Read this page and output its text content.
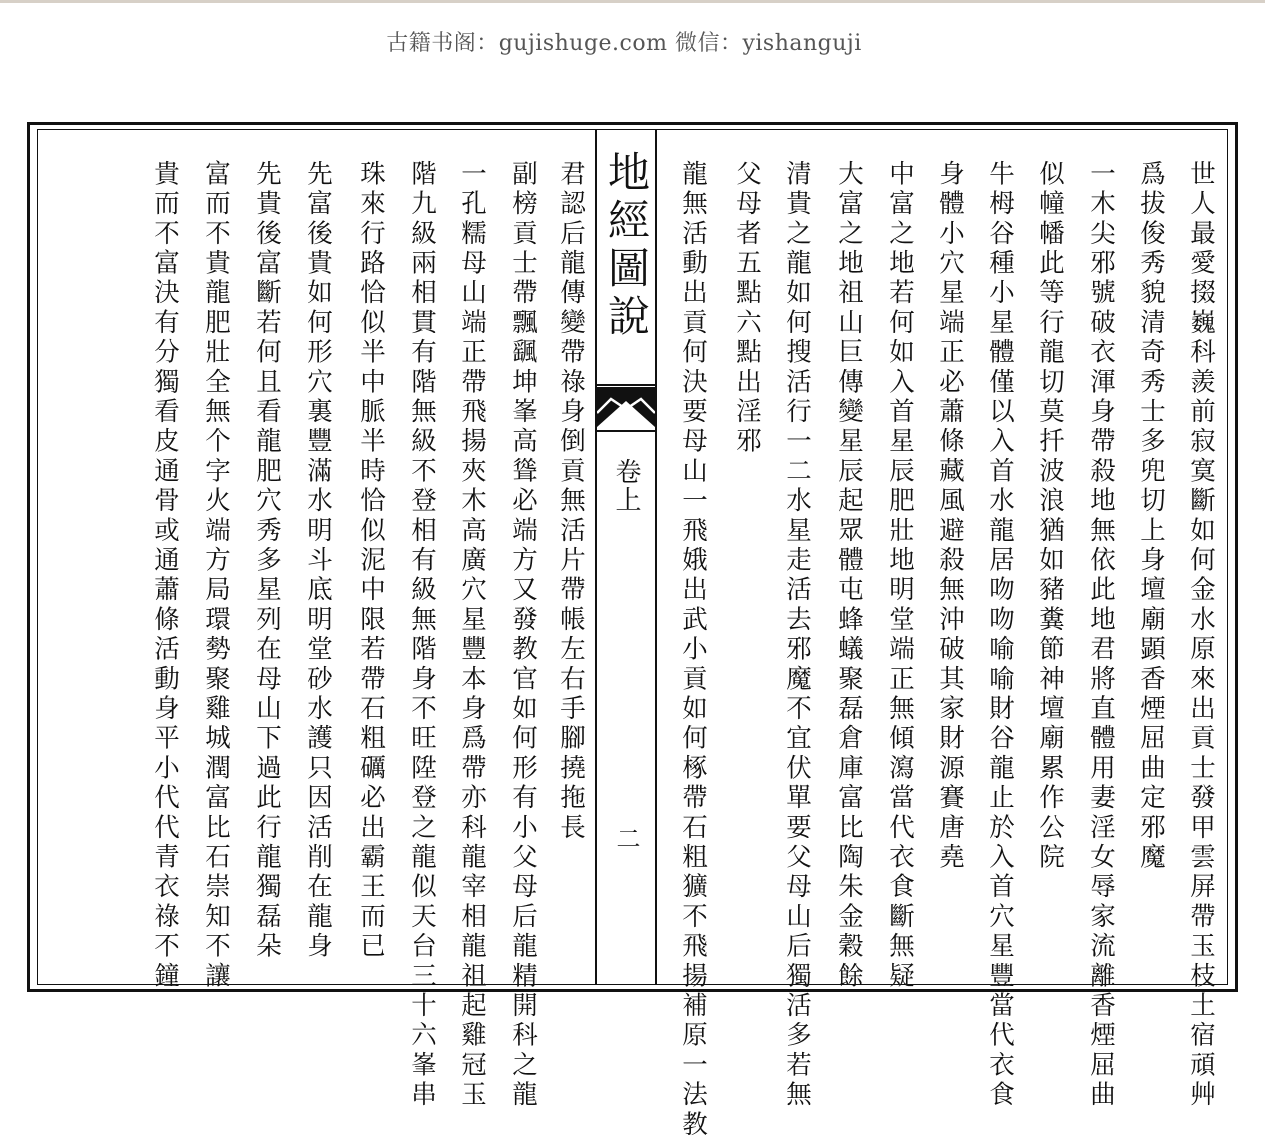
古籍书阁：gujishuge.com 微信：yishanguji
地經圖說
卷上
二	世人最愛掇巍科羨前寂寞斷如何金水原來出貢士發甲雲屏帶玉枝土宿頑艸
爲拔俊秀貌清奇秀士多兜切上身壇廟顕香煙屈曲定邪魔
一木尖邪號破衣渾身帶殺地無依此地君將直體用妻淫女辱家流離香煙屈曲
似幢幡此等行龍切莫扦波浪猶如豬糞節神壇廟累作公院
牛栂谷種小星體僅以入首水龍居吻吻喻喻財谷龍止於入首穴星豐當代衣食
身體小穴星端正必蕭條藏風避殺無沖破其家財源賽唐堯
中富之地若何如入首星辰肥壯地明堂端正無傾瀉當代衣食斷無疑
大富之地祖山巨傳變星辰起眾體屯蜂蟻聚磊倉庫富比陶朱金穀餘
清貴之龍如何搜活行一二水星走活去邪魔不宜伏單要父母山后獨活多若無
父母者五點六點出淫邪
龍無活動出貢何決要母山一飛娥出武小貢如何椓帶石粗獷不飛揚補原一法教
君認后龍傳變帶祿身倒貢無活片帶帳左右手腳撓拖長
副榜貢士帶飄颻坤峯高聳必端方又發教官如何形有小父母后龍精開科之龍
一孔糯母山端正帶飛揚夾木高廣穴星豐本身爲帶亦科龍宰相龍祖起雞冠玉
階九級兩相貫有階無級不登相有級無階身不旺陞登之龍似天台三十六峯串
珠來行路恰似半中脈半時恰似泥中限若帶石粗礪必出霸王而已
先富後貴如何形穴裏豐滿水明斗底明堂砂水護只因活削在龍身
先貴後富斷若何且看龍肥穴秀多星列在母山下過此行龍獨磊朵
富而不貴龍肥壯全無个字火端方局環勢聚雞城潤富比石崇知不讓
貴而不富決有分獨看皮通骨或通蕭條活動身平小代代青衣祿不鐘
